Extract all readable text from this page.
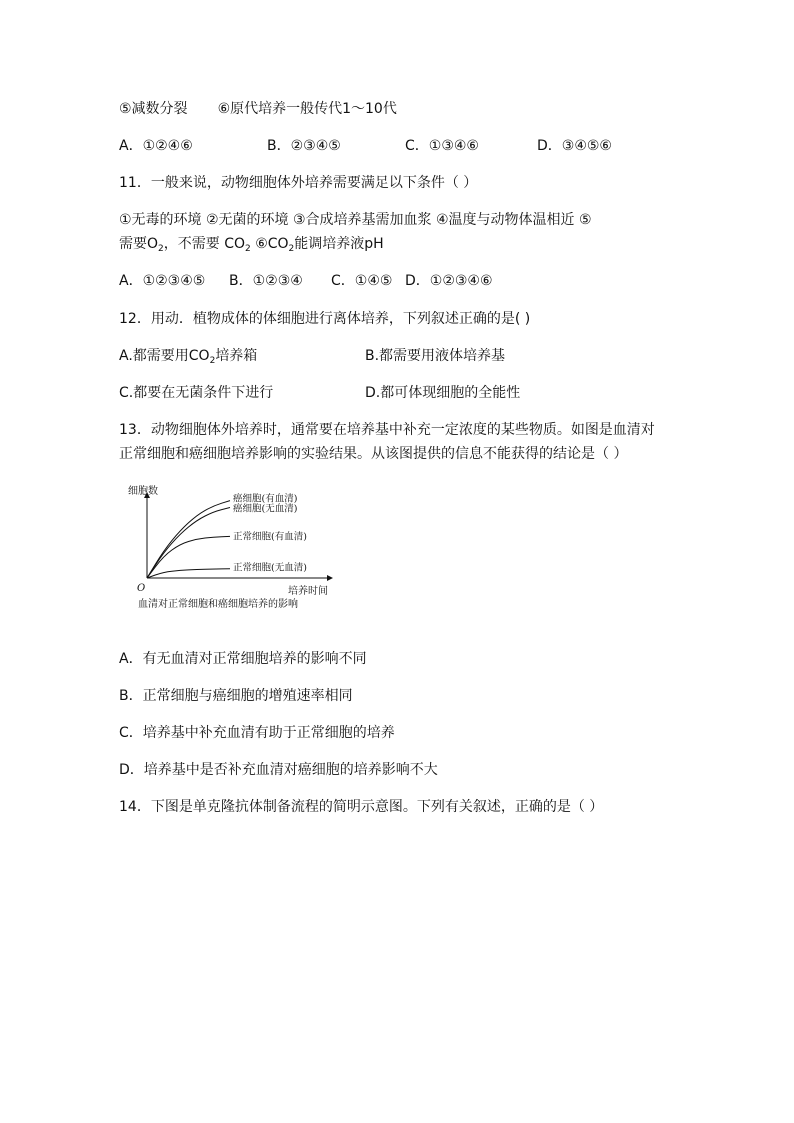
⑤减数分裂 ⑥原代培养一般传代1～10代
A．①②④⑥	B．②③④⑤	C．①③④⑥	D．③④⑤⑥
11．一般来说，动物细胞体外培养需要满足以下条件（ ）
①无毒的环境 ②无菌的环境 ③合成培养基需加血浆 ④温度与动物体温相近 ⑤
需要$O_2$，不需要 $CO_2$ $⑥CO_2$能调培养液pH
A．①②③④⑤ B．①②③④ C．①④⑤ D．①②③④⑥
12．用动．植物成体的体细胞进行离体培养，下列叙述正确的是( )
A.都需要用$CO_2$培养箱	B.都需要用液体培养基
C.都要在无菌条件下进行	D.都可体现细胞的全能性
13．动物细胞体外培养时，通常要在培养基中补充一定浓度的某些物质。如图是血清对
正常细胞和癌细胞培养影响的实验结果。从该图提供的信息不能获得的结论是（ ）
细胞数
O	培养时间
血清对正常细胞和癌细胞培养的影响
癌细胞(有血清)
癌细胞(无血清)
正常细胞(有血清)
正常细胞(无血清)
A．有无血清对正常细胞培养的影响不同
B．正常细胞与癌细胞的增殖速率相同
C．培养基中补充血清有助于正常细胞的培养
D．培养基中是否补充血清对癌细胞的培养影响不大
14．下图是单克隆抗体制备流程的简明示意图。下列有关叙述，正确的是（ ）
